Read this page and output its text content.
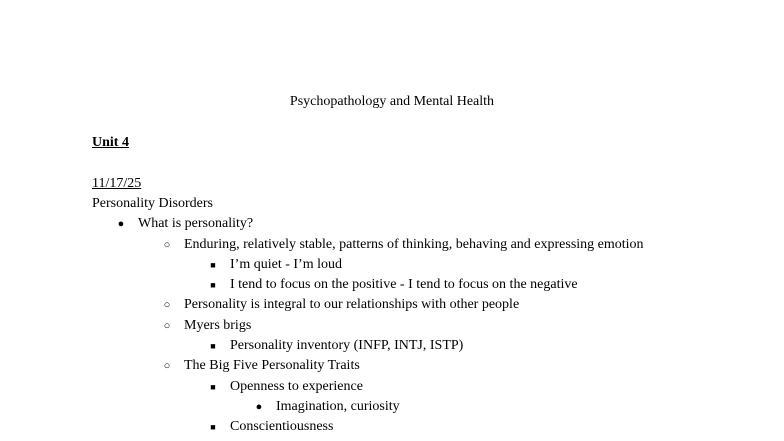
Psychopathology and Mental Health
Unit 4
11/17/25
Personality Disorders
● What is personality?
○ Enduring, relatively stable, patterns of thinking, behaving and expressing emotion
■	I’m quiet - I’m loud
■	I tend to focus on the positive - I tend to focus on the negative
○ Personality is integral to our relationships with other people
○ Myers brigs
■	Personality inventory (INFP, INTJ, ISTP)
○ The Big Five Personality Traits
■	Openness to experience
● Imagination, curiosity
■	Conscientiousness
